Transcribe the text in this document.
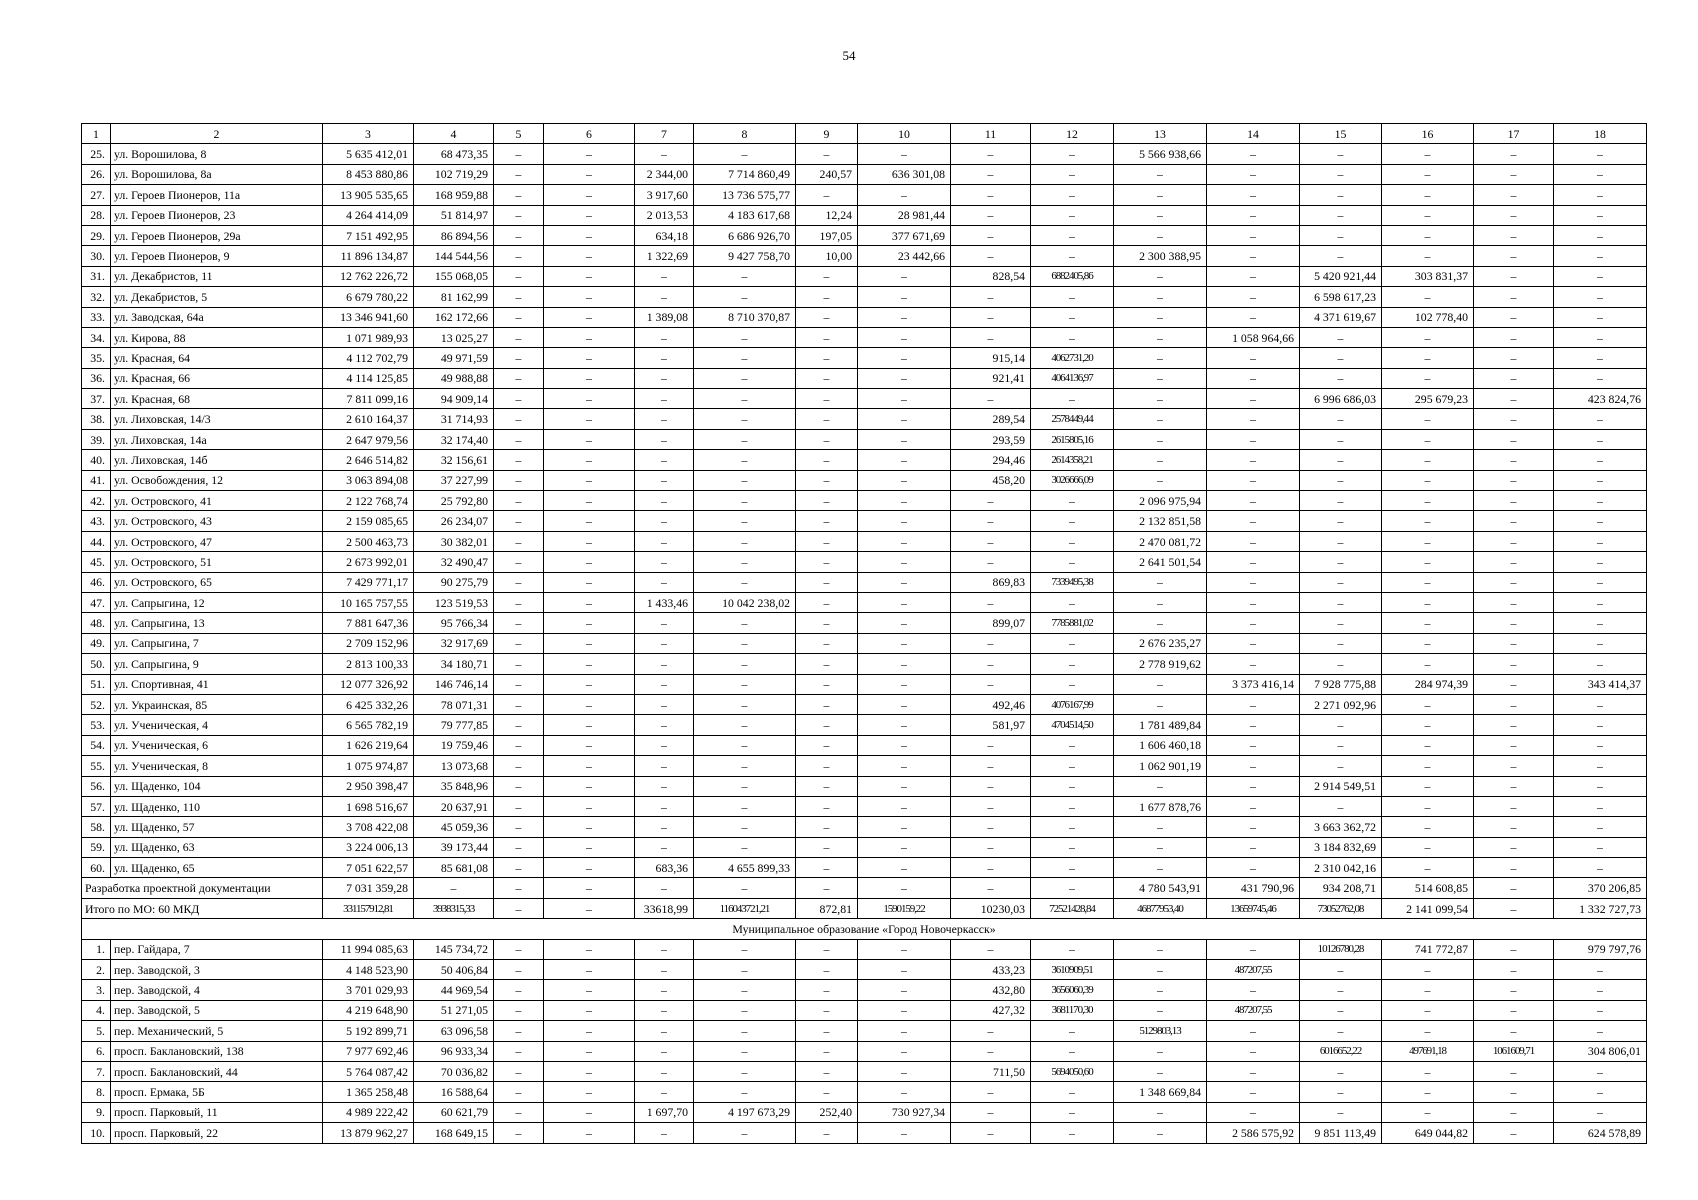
54
1	2	3	4	5	6	7	8	9	10	11	12	13	14	15	16	17	18
25.	ул. Ворошилова, 8	5 635 412,01	68 473,35	–	–	–	–	–	–	–	–	5 566 938,66	–	–	–	–	–
26.	ул. Ворошилова, 8а	8 453 880,86	102 719,29	–	–	2 344,00	7 714 860,49	240,57	636 301,08	–	–	–	–	–	–	–	–
27.	ул. Героев Пионеров, 11а	13 905 535,65	168 959,88	–	–	3 917,60	13 736 575,77	–	–	–	–	–	–	–	–	–	–
28.	ул. Героев Пионеров, 23	4 264 414,09	51 814,97	–	–	2 013,53	4 183 617,68	12,24	28 981,44	–	–	–	–	–	–	–	–
29.	ул. Героев Пионеров, 29а	7 151 492,95	86 894,56	–	–	634,18	6 686 926,70	197,05	377 671,69	–	–	–	–	–	–	–	–
30.	ул. Героев Пионеров, 9	11 896 134,87	144 544,56	–	–	1 322,69	9 427 758,70	10,00	23 442,66	–	–	2 300 388,95	–	–	–	–	–
31.	ул. Декабристов, 11	12 762 226,72	155 068,05	–	–	–	–	–	–	828,54	6882405,86	–	–	5 420 921,44	303 831,37	–	–
32.	ул. Декабристов, 5	6 679 780,22	81 162,99	–	–	–	–	–	–	–	–	–	–	6 598 617,23	–	–	–
33.	ул. Заводская, 64а	13 346 941,60	162 172,66	–	–	1 389,08	8 710 370,87	–	–	–	–	–	–	4 371 619,67	102 778,40	–	–
34.	ул. Кирова, 88	1 071 989,93	13 025,27	–	–	–	–	–	–	–	–	–	1 058 964,66	–	–	–	–
35.	ул. Красная, 64	4 112 702,79	49 971,59	–	–	–	–	–	–	915,14	4062731,20	–	–	–	–	–	–
36.	ул. Красная, 66	4 114 125,85	49 988,88	–	–	–	–	–	–	921,41	4064136,97	–	–	–	–	–	–
37.	ул. Красная, 68	7 811 099,16	94 909,14	–	–	–	–	–	–	–	–	–	–	6 996 686,03	295 679,23	–	423 824,76
38.	ул. Лиховская, 14/3	2 610 164,37	31 714,93	–	–	–	–	–	–	289,54	2578449,44	–	–	–	–	–	–
39.	ул. Лиховская, 14а	2 647 979,56	32 174,40	–	–	–	–	–	–	293,59	2615805,16	–	–	–	–	–	–
40.	ул. Лиховская, 14б	2 646 514,82	32 156,61	–	–	–	–	–	–	294,46	2614358,21	–	–	–	–	–	–
41.	ул. Освобождения, 12	3 063 894,08	37 227,99	–	–	–	–	–	–	458,20	3026666,09	–	–	–	–	–	–
42.	ул. Островского, 41	2 122 768,74	25 792,80	–	–	–	–	–	–	–	–	2 096 975,94	–	–	–	–	–
43.	ул. Островского, 43	2 159 085,65	26 234,07	–	–	–	–	–	–	–	–	2 132 851,58	–	–	–	–	–
44.	ул. Островского, 47	2 500 463,73	30 382,01	–	–	–	–	–	–	–	–	2 470 081,72	–	–	–	–	–
45.	ул. Островского, 51	2 673 992,01	32 490,47	–	–	–	–	–	–	–	–	2 641 501,54	–	–	–	–	–
46.	ул. Островского, 65	7 429 771,17	90 275,79	–	–	–	–	–	–	869,83	7339495,38	–	–	–	–	–	–
47.	ул. Сапрыгина, 12	10 165 757,55	123 519,53	–	–	1 433,46	10 042 238,02	–	–	–	–	–	–	–	–	–	–
48.	ул. Сапрыгина, 13	7 881 647,36	95 766,34	–	–	–	–	–	–	899,07	7785881,02	–	–	–	–	–	–
49.	ул. Сапрыгина, 7	2 709 152,96	32 917,69	–	–	–	–	–	–	–	–	2 676 235,27	–	–	–	–	–
50.	ул. Сапрыгина, 9	2 813 100,33	34 180,71	–	–	–	–	–	–	–	–	2 778 919,62	–	–	–	–	–
51.	ул. Спортивная, 41	12 077 326,92	146 746,14	–	–	–	–	–	–	–	–	–	3 373 416,14	7 928 775,88	284 974,39	–	343 414,37
52.	ул. Украинская, 85	6 425 332,26	78 071,31	–	–	–	–	–	–	492,46	4076167,99	–	–	2 271 092,96	–	–	–
53.	ул. Ученическая, 4	6 565 782,19	79 777,85	–	–	–	–	–	–	581,97	4704514,50	1 781 489,84	–	–	–	–	–
54.	ул. Ученическая, 6	1 626 219,64	19 759,46	–	–	–	–	–	–	–	–	1 606 460,18	–	–	–	–	–
55.	ул. Ученическая, 8	1 075 974,87	13 073,68	–	–	–	–	–	–	–	–	1 062 901,19	–	–	–	–	–
56.	ул. Щаденко, 104	2 950 398,47	35 848,96	–	–	–	–	–	–	–	–	–	–	2 914 549,51	–	–	–
57.	ул. Щаденко, 110	1 698 516,67	20 637,91	–	–	–	–	–	–	–	–	1 677 878,76	–	–	–	–	–
58.	ул. Щаденко, 57	3 708 422,08	45 059,36	–	–	–	–	–	–	–	–	–	–	3 663 362,72	–	–	–
59.	ул. Щаденко, 63	3 224 006,13	39 173,44	–	–	–	–	–	–	–	–	–	–	3 184 832,69	–	–	–
60.	ул. Щаденко, 65	7 051 622,57	85 681,08	–	–	683,36	4 655 899,33	–	–	–	–	–	–	2 310 042,16	–	–	–
Разработка проектной документации		7 031 359,28	–	–	–	–	–	–	–	–	–	4 780 543,91	431 790,96	934 208,71	514 608,85	–	370 206,85
Итого по МО: 60 МКД		331157912,81	3938315,33	–	–	33618,99	116043721,21	872,81	1590159,22	10230,03	72521428,84	46877953,40	13659745,46	73052762,08	2 141 099,54	–	1 332 727,73
Муниципальное образование «Город Новочеркасск»																	
1.	пер. Гайдара, 7	11 994 085,63	145 734,72	–	–	–	–	–	–	–	–	–	–	10126780,28	741 772,87	–	979 797,76
2.	пер. Заводской, 3	4 148 523,90	50 406,84	–	–	–	–	–	–	433,23	3610909,51	–	487207,55	–	–	–	–
3.	пер. Заводской, 4	3 701 029,93	44 969,54	–	–	–	–	–	–	432,80	3656060,39	–	–	–	–	–	–
4.	пер. Заводской, 5	4 219 648,90	51 271,05	–	–	–	–	–	–	427,32	3681170,30	–	487207,55	–	–	–	–
5.	пер. Механический, 5	5 192 899,71	63 096,58	–	–	–	–	–	–	–	–	5129803,13	–	–	–	–	–
6.	просп. Баклановский, 138	7 977 692,46	96 933,34	–	–	–	–	–	–	–	–	–	–	6016652,22	497691,18	1061609,71	304 806,01
7.	просп. Баклановский, 44	5 764 087,42	70 036,82	–	–	–	–	–	–	711,50	5694050,60	–	–	–	–	–	–
8.	просп. Ермака, 5Б	1 365 258,48	16 588,64	–	–	–	–	–	–	–	–	1 348 669,84	–	–	–	–	–
9.	просп. Парковый, 11	4 989 222,42	60 621,79	–	–	1 697,70	4 197 673,29	252,40	730 927,34	–	–	–	–	–	–	–	–
10.	просп. Парковый, 22	13 879 962,27	168 649,15	–	–	–	–	–	–	–	–	–	2 586 575,92	9 851 113,49	649 044,82	–	624 578,89
